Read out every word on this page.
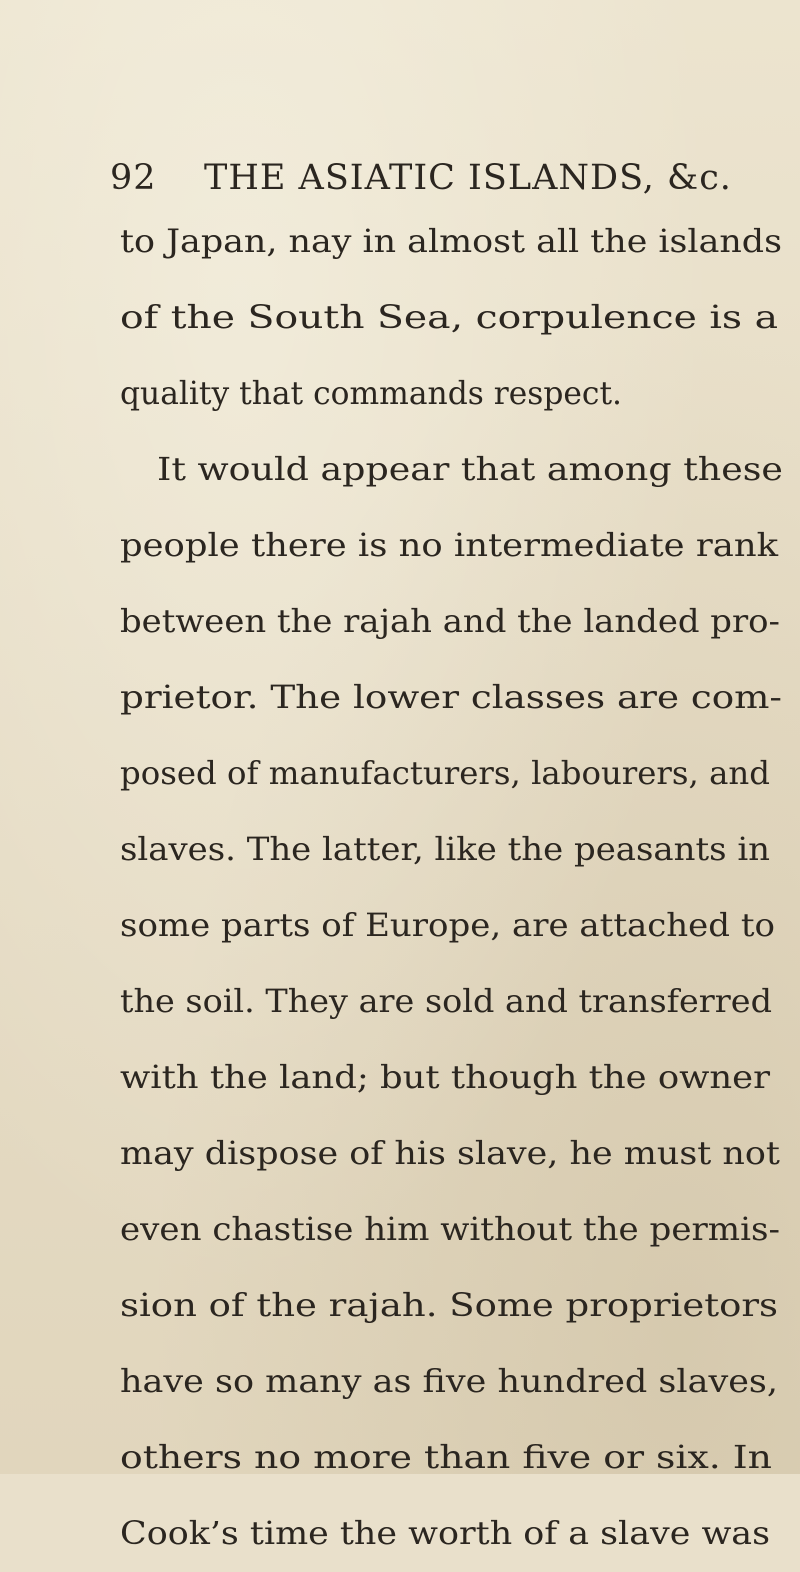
92 THE ASIATIC ISLANDS, &c.
to Japan, nay in almost all the islands
of the South Sea, corpulence is a
quality that commands respect.
It would appear that among these
people there is no intermediate rank
between the rajah and the landed pro-
prietor. The lower classes are com-
posed of manufacturers, labourers, and
slaves. The latter, like the peasants in
some parts of Europe, are attached to
the soil. They are sold and transferred
with the land; but though the owner
may dispose of his slave, he must not
even chastise him without the permis-
sion of the rajah. Some proprietors
have so many as five hundred slaves,
others no more than five or six. In
Cook’s time the worth of a slave was
